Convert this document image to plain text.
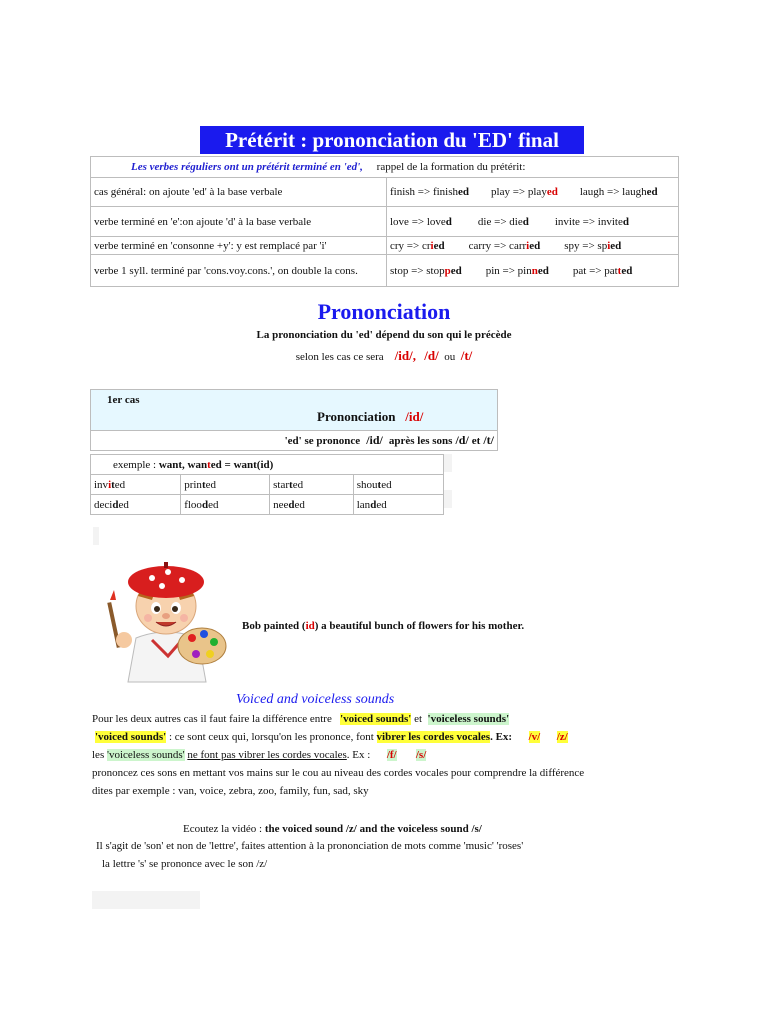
Prétérit : prononciation du 'ED' final
Les verbes réguliers ont un prétérit terminé en 'ed', rappel de la formation du prétérit:	
cas général: on ajoute 'ed' à la base verbale	finish => finished play => played laugh => laughed

verbe terminé en 'e':on ajoute 'd' à la base verbale	love => loved die => died invite => invited

verbe terminé en 'consonne +y': y est remplacé par 'i'	cry => cried carry => carried spy => spied

verbe 1 syll. terminé par 'cons.voy.cons.', on double la cons.	stop => stopped pin => pinned pat => patted
Prononciation
La prononciation du 'ed' dépend du son qui le précède
selon les cas ce sera /id/, /d/ ou /t/
1er cas
Prononciation /id/
'ed' se prononce /id/ après les sons /d/ et /t/
exemple : want, wanted = want(id)			
invited	printed	started	shouted
decided	flooded	needed	landed
Bob painted (id) a beautiful bunch of flowers for his mother.
Voiced and voiceless sounds
Pour les deux autres cas il faut faire la différence entre   'voiced sounds' et  'voiceless sounds'
'voiced sounds' : ce sont ceux qui, lorsqu'on les prononce, font vibrer les cordes vocales. Ex: /v/ /z/
les 'voiceless sounds' ne font pas vibrer les cordes vocales. Ex :      /f/ /s/
prononcez ces sons en mettant vos mains sur le cou au niveau des cordes vocales pour comprendre la différence
dites par exemple : van, voice, zebra, zoo, family, fun, sad, sky
Ecoutez la vidéo : the voiced sound /z/ and the voiceless sound /s/
Il s'agit de 'son' et non de 'lettre', faites attention à la prononciation de mots comme 'music' 'roses'
la lettre 's' se prononce avec le son /z/
